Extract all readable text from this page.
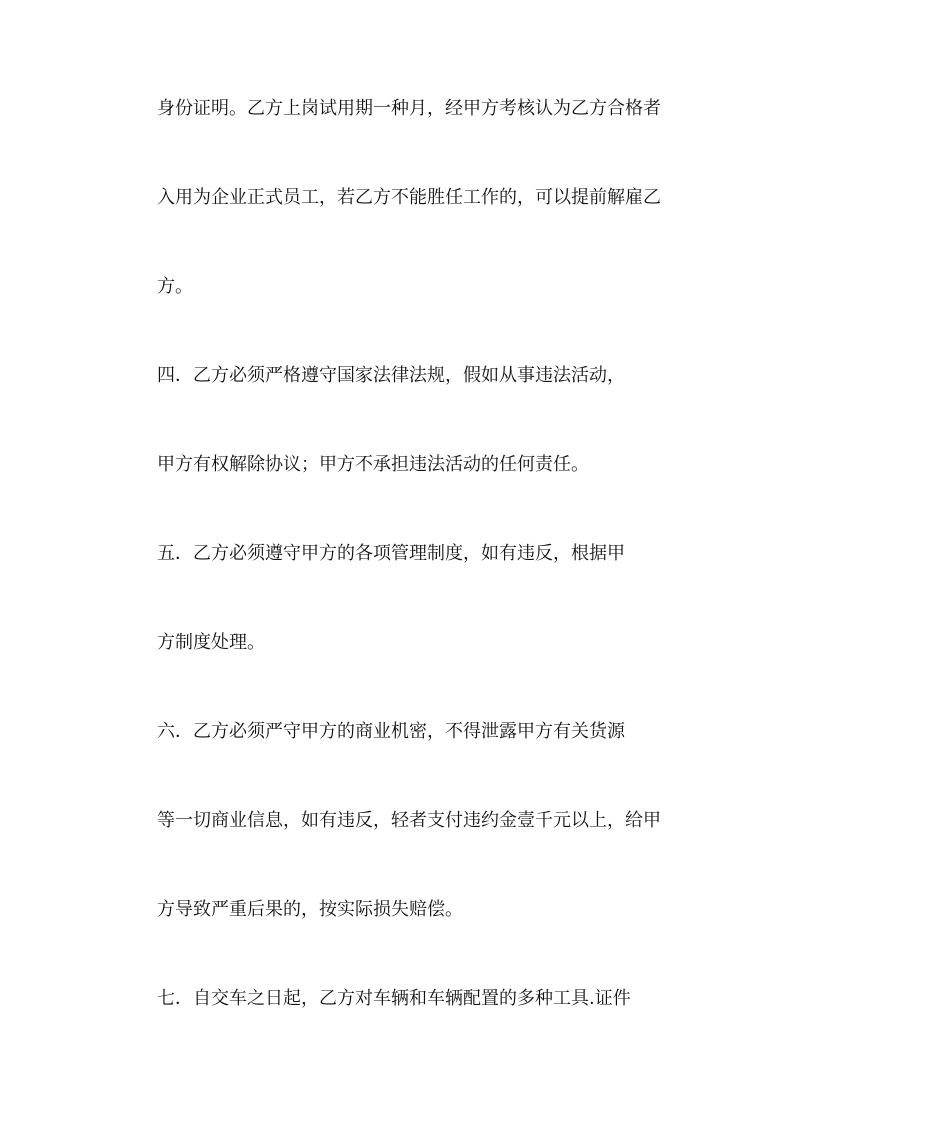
身份证明。乙方上岗试用期一种月，经甲方考核认为乙方合格者
入用为企业正式员工，若乙方不能胜任工作的，可以提前解雇乙
方。
四．乙方必须严格遵守国家法律法规，假如从事违法活动，
甲方有权解除协议；甲方不承担违法活动的任何责任。
五．乙方必须遵守甲方的各项管理制度，如有违反，根据甲
方制度处理。
六．乙方必须严守甲方的商业机密，不得泄露甲方有关货源
等一切商业信息，如有违反，轻者支付违约金壹千元以上，给甲
方导致严重后果的，按实际损失赔偿。
七．自交车之日起，乙方对车辆和车辆配置的多种工具.证件
